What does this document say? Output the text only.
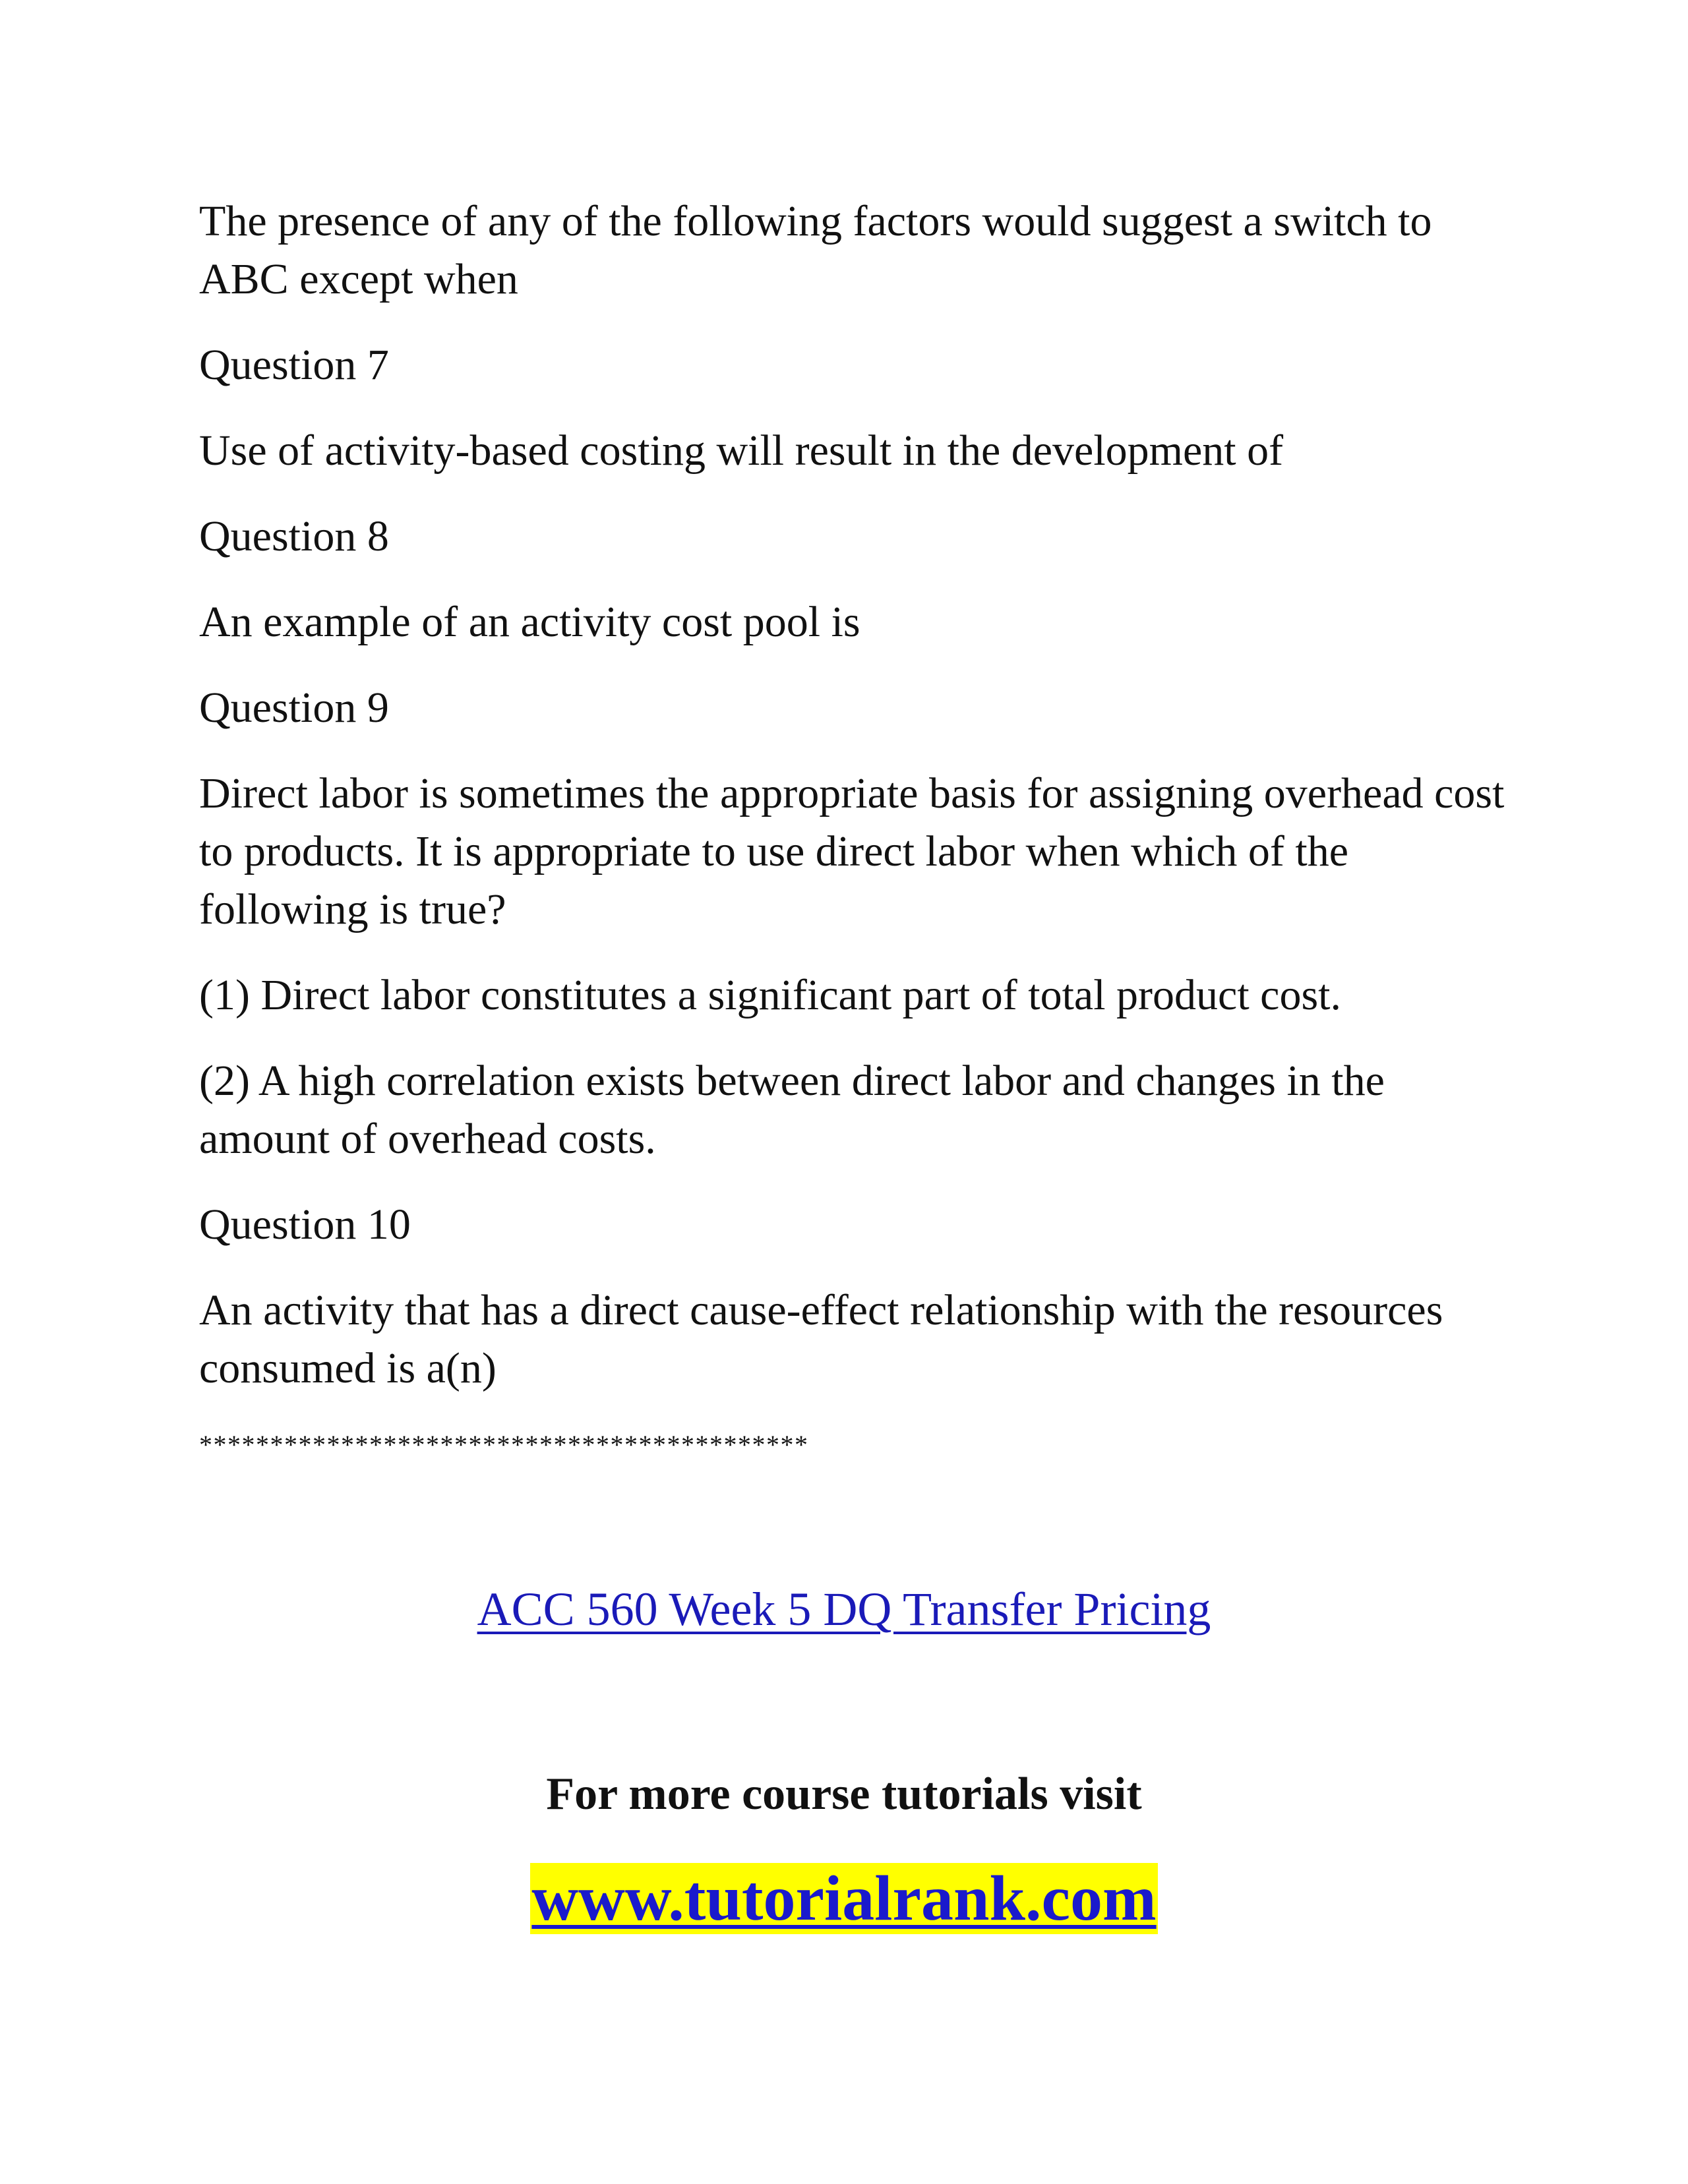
The presence of any of the following factors would suggest a switch to ABC except when

Question 7

Use of activity-based costing will result in the development of

Question 8

An example of an activity cost pool is

Question 9

Direct labor is sometimes the appropriate basis for assigning overhead cost to products. It is appropriate to use direct labor when which of the following is true?

(1) Direct labor constitutes a significant part of total product cost.

(2) A high correlation exists between direct labor and changes in the amount of overhead costs.

Question 10

An activity that has a direct cause-effect relationship with the resources consumed is a(n)

*******************************************
ACC 560 Week 5 DQ Transfer Pricing
For more course tutorials visit
www.tutorialrank.com
